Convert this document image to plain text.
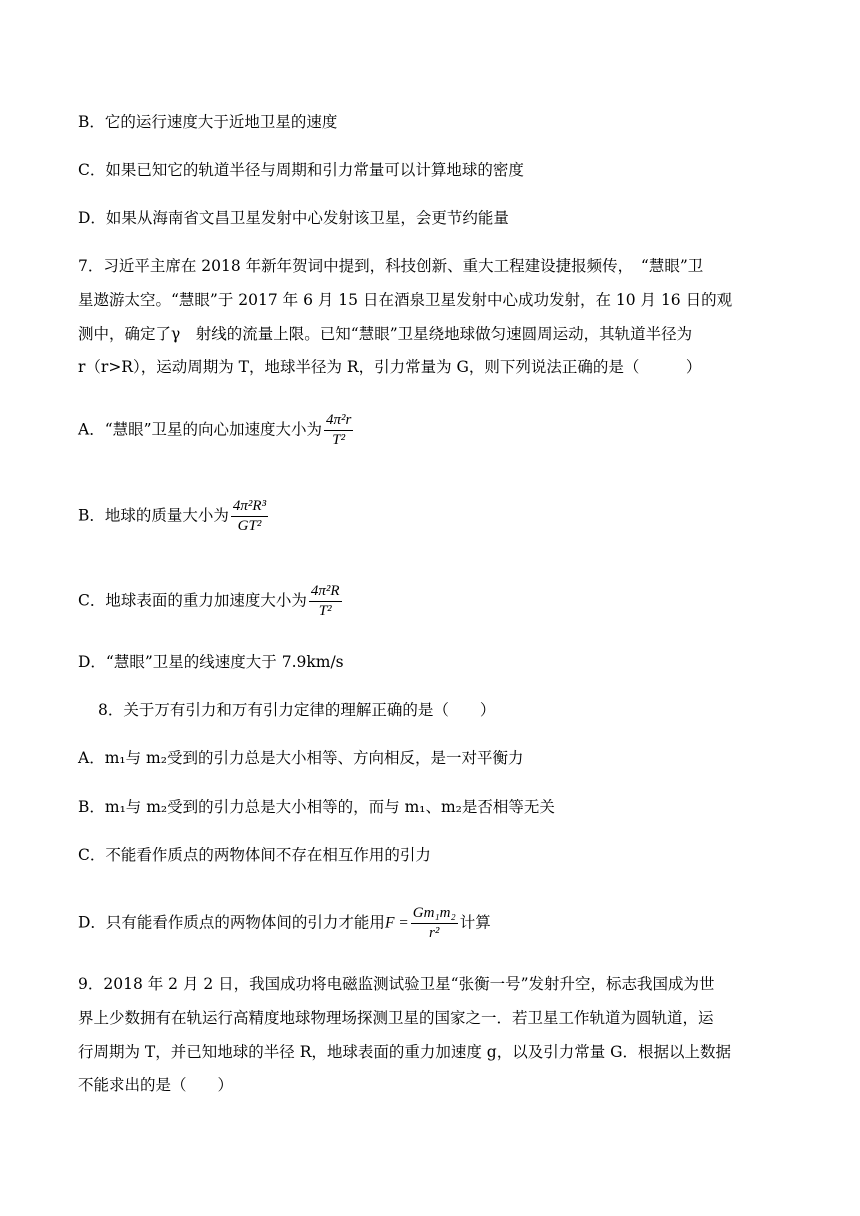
B．它的运行速度大于近地卫星的速度
C．如果已知它的轨道半径与周期和引力常量可以计算地球的密度
D．如果从海南省文昌卫星发射中心发射该卫星，会更节约能量
7．习近平主席在 2018 年新年贺词中提到，科技创新、重大工程建设捷报频传，　“慧眼”卫
星遨游太空。“慧眼”于 2017 年 6 月 15 日在酒泉卫星发射中心成功发射，在 10 月 16 日的观
测中，确定了γ　射线的流量上限。已知“慧眼”卫星绕地球做匀速圆周运动，其轨道半径为
r（r>R），运动周期为 T，地球半径为 R，引力常量为 G，则下列说法正确的是（　　　）
A．“慧眼”卫星的向心加速度大小为 $\frac{\text{4π²r}}{\text{T²}}$
B．地球的质量大小为 $\frac{\text{4π²R³}}{\text{GT²}}$
C．地球表面的重力加速度大小为 $\frac{\text{4π²R}}{\text{T²}}$
D．“慧眼”卫星的线速度大于 7.9km/s
8．关于万有引力和万有引力定律的理解正确的是（　　）
A．m₁与 m₂受到的引力总是大小相等、方向相反，是一对平衡力
B．m₁与 m₂受到的引力总是大小相等的，而与 m₁、m₂是否相等无关
C．不能看作质点的两物体间不存在相互作用的引力
D．只有能看作质点的两物体间的引力才能用$F = \frac{\text{Gm₁m₂}}{\text{r²}}$ 计算
9．2018 年 2 月 2 日，我国成功将电磁监测试验卫星“张衡一号”发射升空，标志我国成为世
界上少数拥有在轨运行高精度地球物理场探测卫星的国家之一．若卫星工作轨道为圆轨道，运
行周期为 T，并已知地球的半径 R，地球表面的重力加速度 g，以及引力常量 G．根据以上数据
不能求出的是（　　）
